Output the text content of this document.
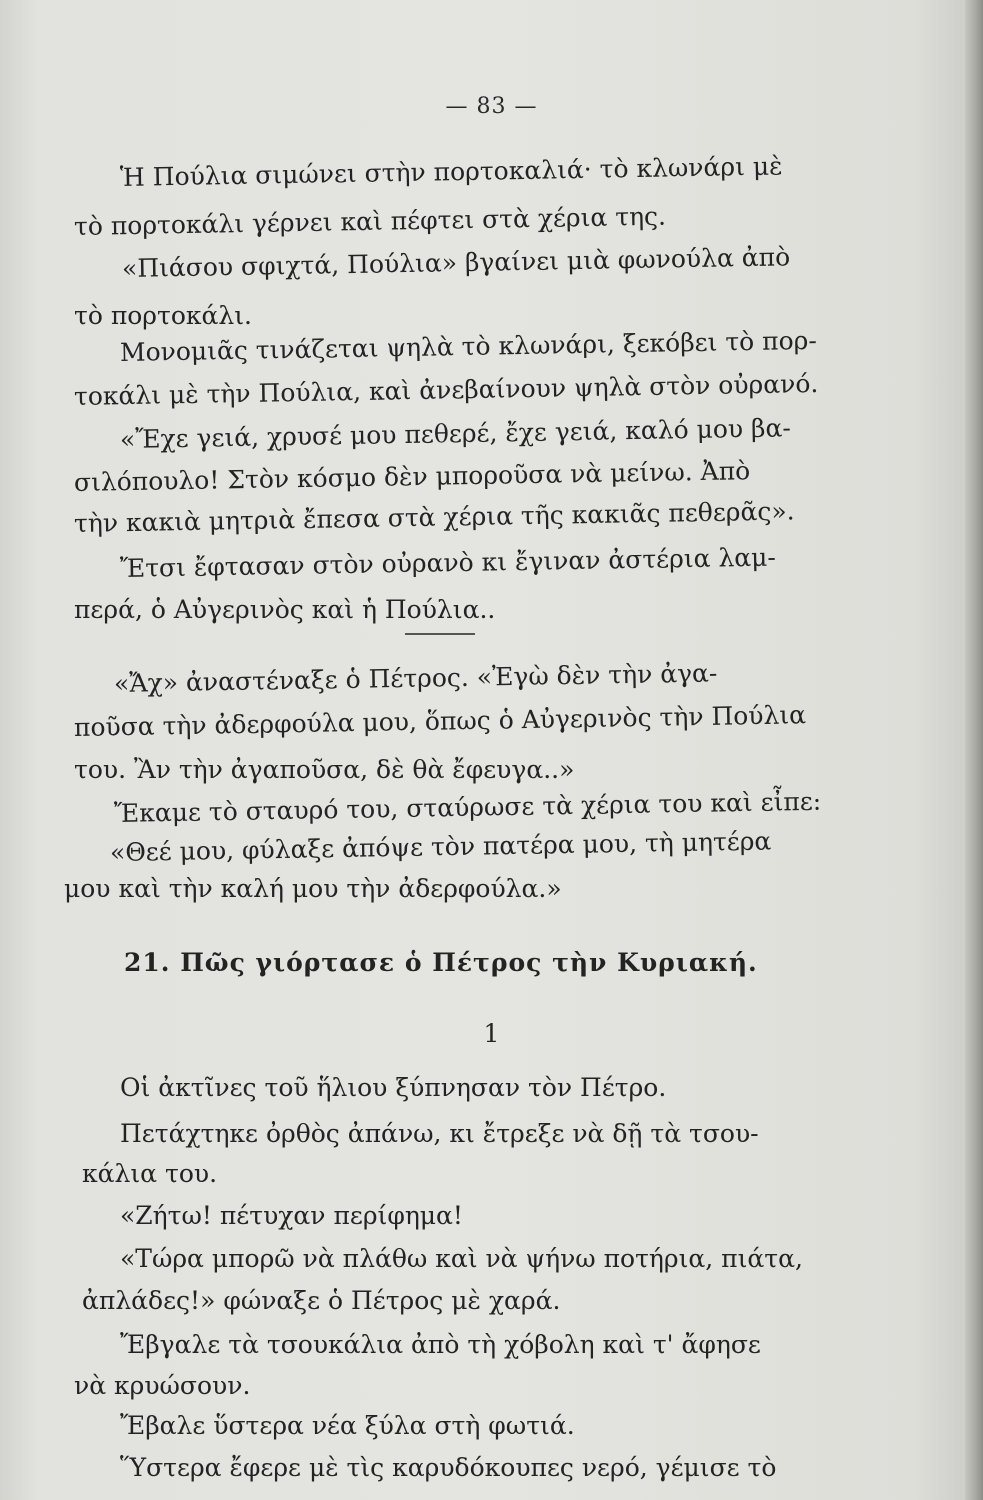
— 83 —
Ἡ Πούλια σιμώνει στὴν πορτοκαλιά· τὸ κλωνάρι μὲ
τὸ πορτοκάλι γέρνει καὶ πέφτει στὰ χέρια της.
«Πιάσου σφιχτά, Πούλια» βγαίνει μιὰ φωνούλα ἀπὸ
τὸ πορτοκάλι.
Μονομιᾶς τινάζεται ψηλὰ τὸ κλωνάρι, ξεκόβει τὸ πορ-
τοκάλι μὲ τὴν Πούλια, καὶ ἀνεβαίνουν ψηλὰ στὸν οὐρανό.
«Ἔχε γειά, χρυσέ μου πεθερέ, ἔχε γειά, καλό μου βα-
σιλόπουλο! Στὸν κόσμο δὲν μποροῦσα νὰ μείνω. Ἀπὸ
τὴν κακιὰ μητριὰ ἔπεσα στὰ χέρια τῆς κακιᾶς πεθερᾶς».
Ἔτσι ἔφτασαν στὸν οὐρανὸ κι ἔγιναν ἀστέρια λαμ-
περά, ὁ Αὐγερινὸς καὶ ἡ Πούλια..
«Ἄχ» ἀναστέναξε ὁ Πέτρος. «Ἐγὼ δὲν τὴν ἀγα-
ποῦσα τὴν ἀδερφούλα μου, ὅπως ὁ Αὐγερινὸς τὴν Πούλια
του. Ἂν τὴν ἀγαποῦσα, δὲ θὰ ἔφευγα..»
Ἔκαμε τὸ σταυρό του, σταύρωσε τὰ χέρια του καὶ εἶπε:
«Θεέ μου, φύλαξε ἀπόψε τὸν πατέρα μου, τὴ μητέρα
μου καὶ τὴν καλή μου τὴν ἀδερφούλα.»
21. Πῶς γιόρτασε ὁ Πέτρος τὴν Κυριακή.
1
Οἱ ἀκτῖνες τοῦ ἥλιου ξύπνησαν τὸν Πέτρο.
Πετάχτηκε ὀρθὸς ἀπάνω, κι ἔτρεξε νὰ δῇ τὰ τσου-
κάλια του.
«Ζήτω! πέτυχαν περίφημα!
«Τώρα μπορῶ νὰ πλάθω καὶ νὰ ψήνω ποτήρια, πιάτα,
ἀπλάδες!» φώναξε ὁ Πέτρος μὲ χαρά.
Ἔβγαλε τὰ τσουκάλια ἀπὸ τὴ χόβολη καὶ τ' ἄφησε
νὰ κρυώσουν.
Ἔβαλε ὕστερα νέα ξύλα στὴ φωτιά.
Ὕστερα ἔφερε μὲ τὶς καρυδόκουπες νερό, γέμισε τὸ
